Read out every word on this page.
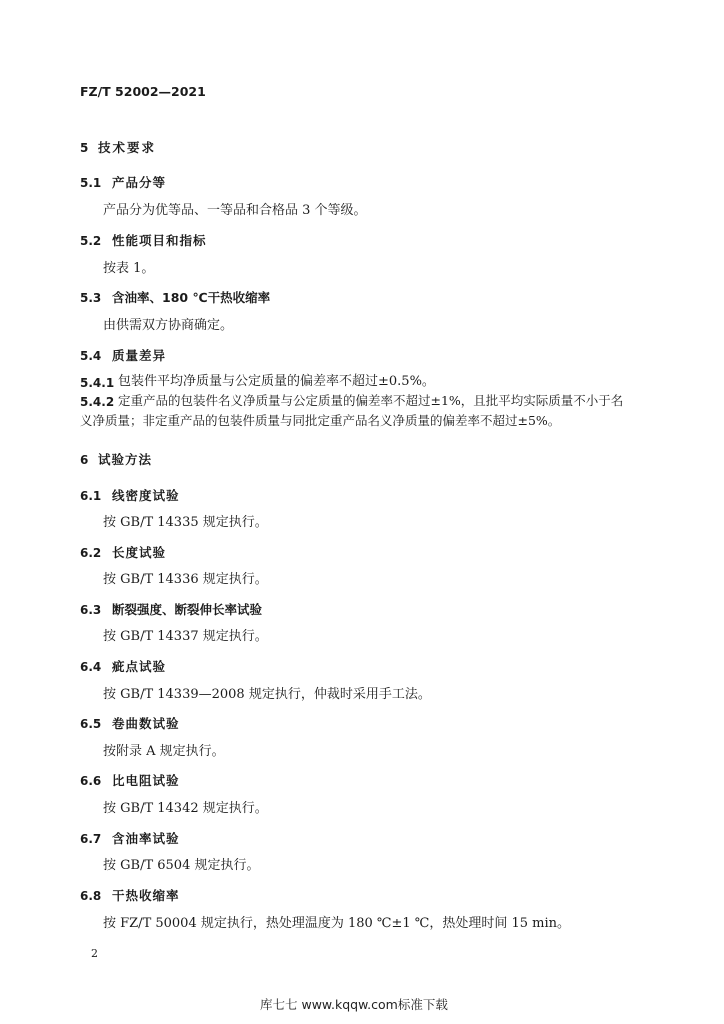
FZ/T 52002—2021
5 技术要求
5.1 产品分等
产品分为优等品、一等品和合格品 3 个等级。
5.2 性能项目和指标
按表 1。
5.3 含油率、180 ℃干热收缩率
由供需双方协商确定。
5.4 质量差异
5.4.1 包装件平均净质量与公定质量的偏差率不超过±0.5%。
5.4.2 定重产品的包装件名义净质量与公定质量的偏差率不超过±1%，且批平均实际质量不小于名
义净质量；非定重产品的包装件质量与同批定重产品名义净质量的偏差率不超过±5%。
6 试验方法
6.1 线密度试验
按 GB/T 14335 规定执行。
6.2 长度试验
按 GB/T 14336 规定执行。
6.3 断裂强度、断裂伸长率试验
按 GB/T 14337 规定执行。
6.4 疵点试验
按 GB/T 14339—2008 规定执行，仲裁时采用手工法。
6.5 卷曲数试验
按附录 A 规定执行。
6.6 比电阻试验
按 GB/T 14342 规定执行。
6.7 含油率试验
按 GB/T 6504 规定执行。
6.8 干热收缩率
按 FZ/T 50004 规定执行，热处理温度为 180 ℃±1 ℃，热处理时间 15 min。
2
库七七 www.kqqw.com标准下载
